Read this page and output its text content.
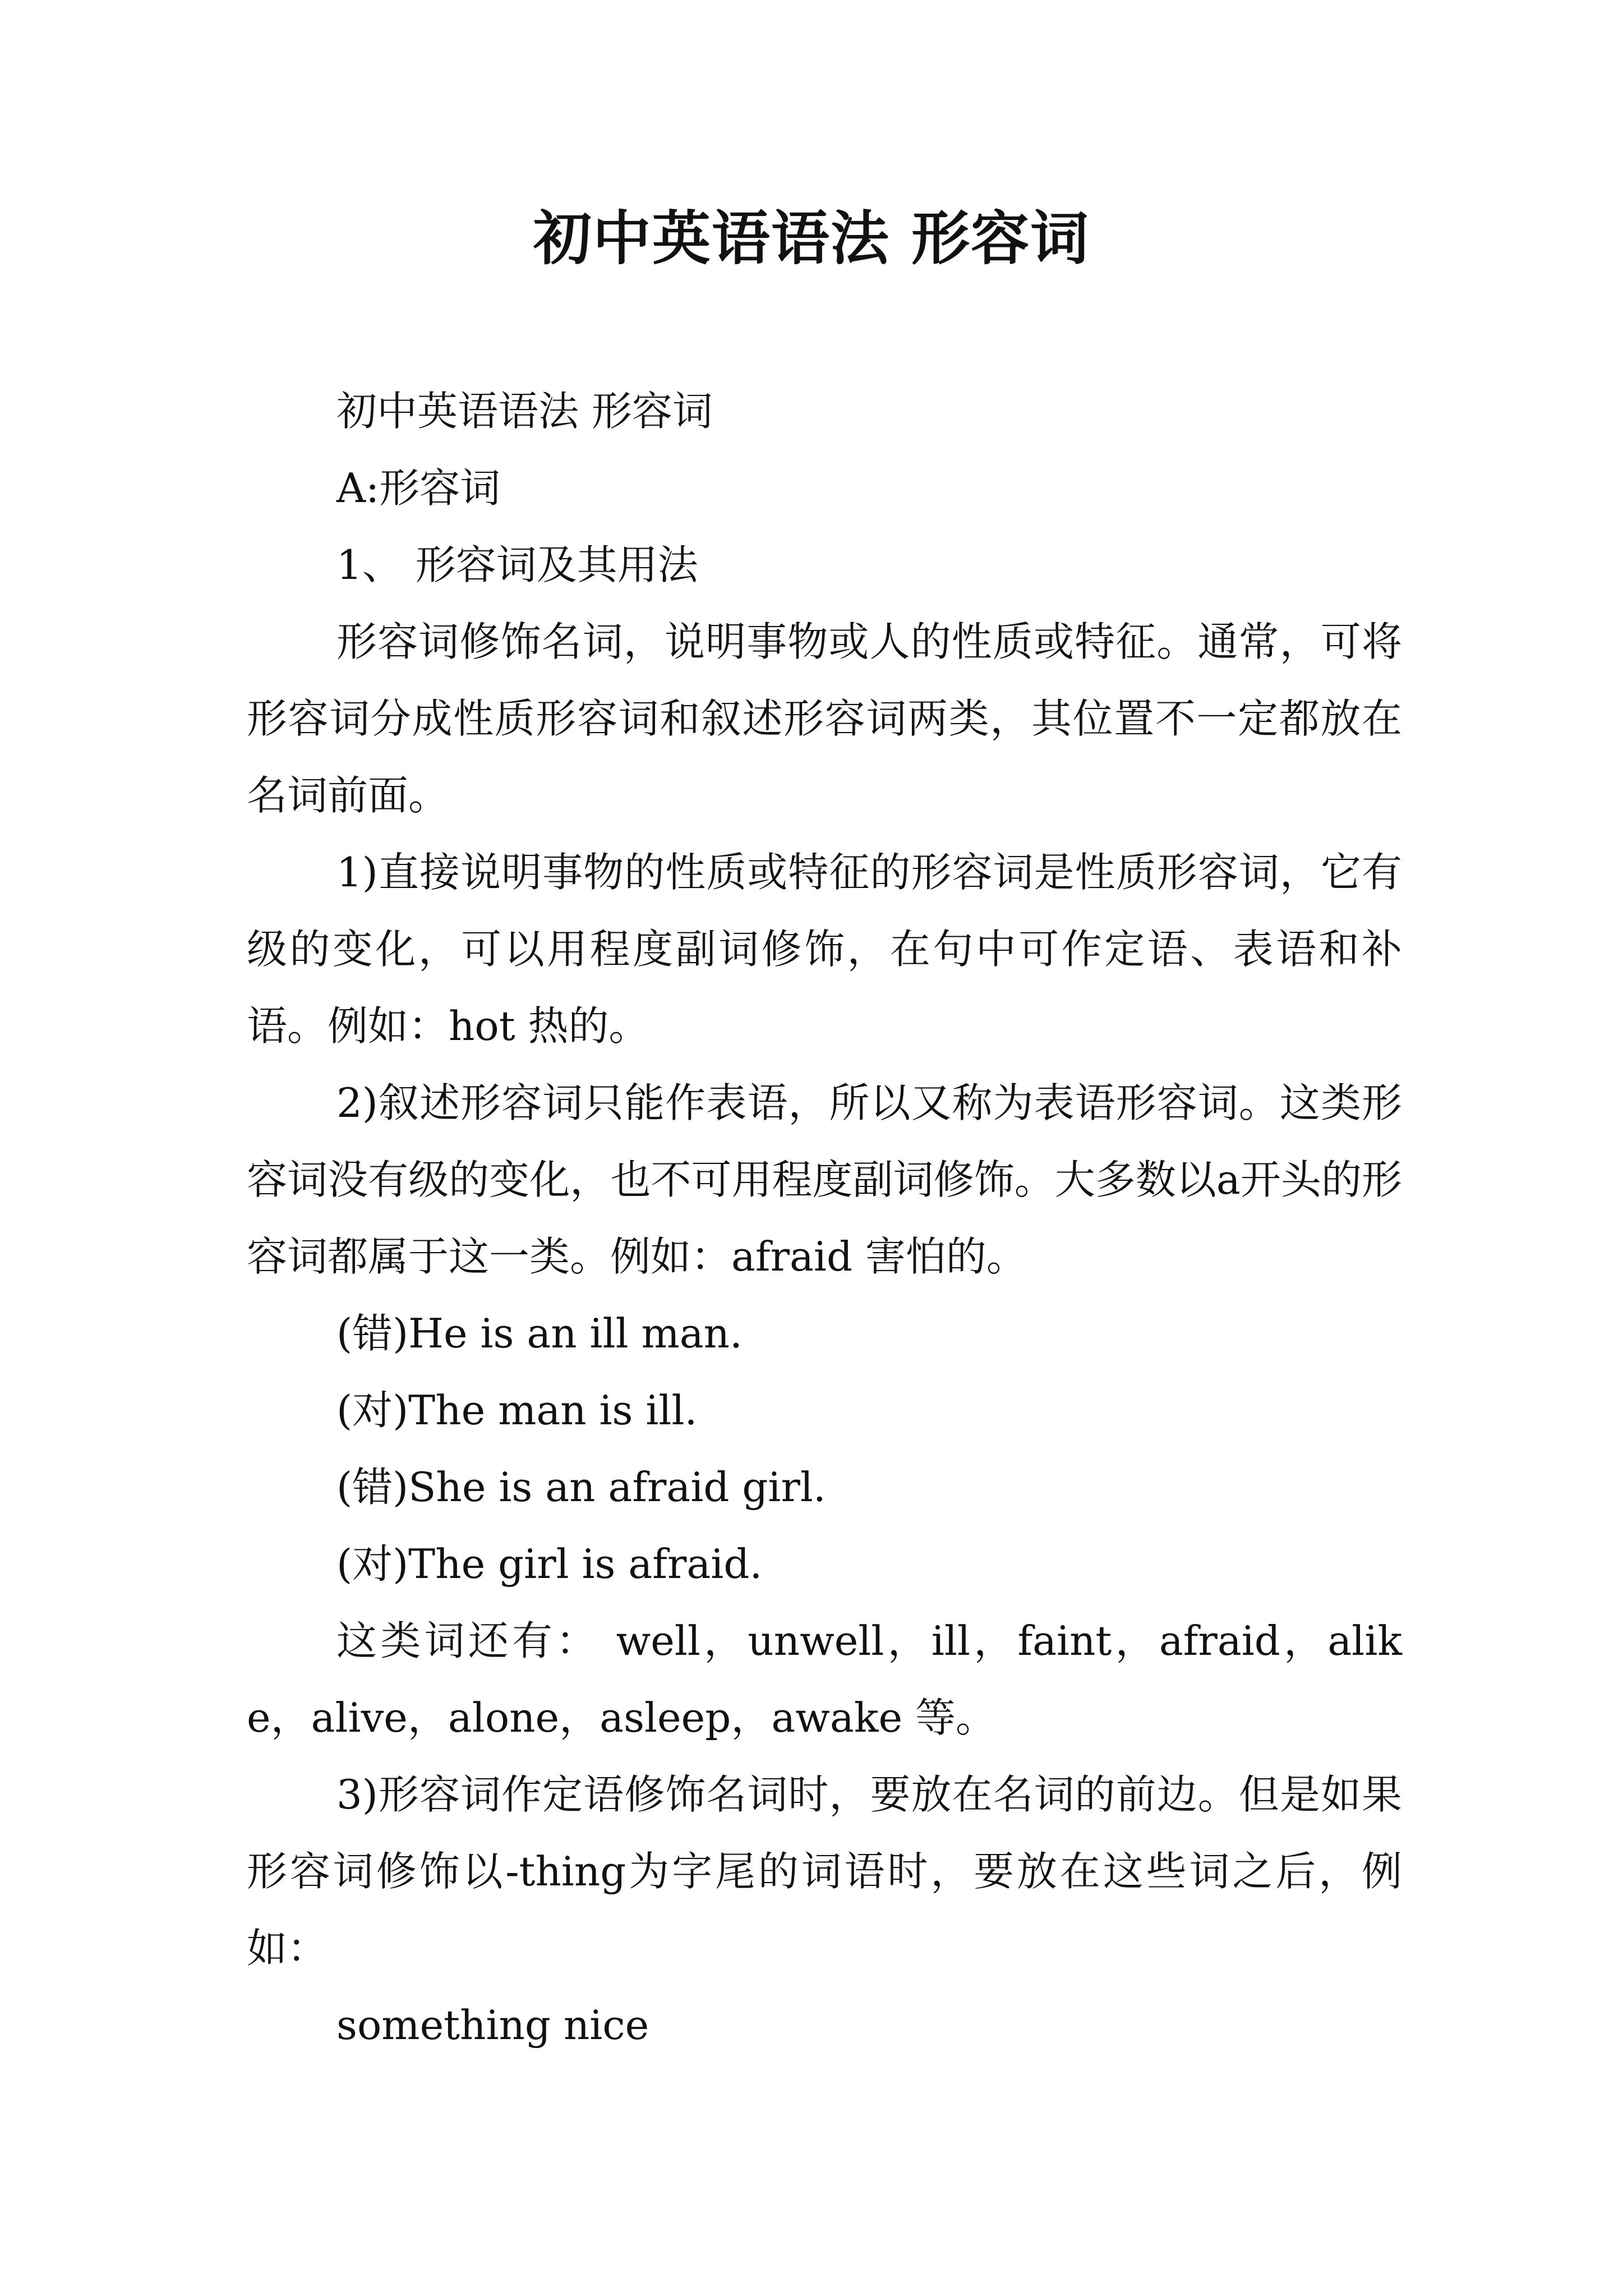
初中英语语法 形容词

初中英语语法 形容词

A:形容词

1、 形容词及其用法

形容词修饰名词，说明事物或人的性质或特征。通常，可将形容词分成性质形容词和叙述形容词两类，其位置不一定都放在名词前面。

1)直接说明事物的性质或特征的形容词是性质形容词，它有级的变化，可以用程度副词修饰，在句中可作定语、表语和补语。例如：hot 热的。

2)叙述形容词只能作表语，所以又称为表语形容词。这类形容词没有级的变化，也不可用程度副词修饰。大多数以a开头的形容词都属于这一类。例如：afraid 害怕的。

(错)He is an ill man.

(对)The man is ill.

(错)She is an afraid girl.

(对)The girl is afraid.

这类词还有： well，unwell，ill，faint，afraid，alike，alive，alone，asleep，awake 等。

3)形容词作定语修饰名词时，要放在名词的前边。但是如果形容词修饰以-thing为字尾的词语时，要放在这些词之后，例如：

something nice
